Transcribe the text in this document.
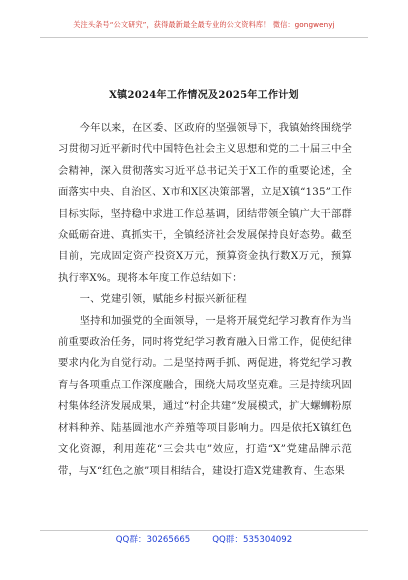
关注头条号“公文研究”，获得最新最全最专业的公文资料库！ 微信：gongwenyj
X镇2024年工作情况及2025年工作计划

今年以来，在区委、区政府的坚强领导下，我镇始终围绕学习贯彻习近平新时代中国特色社会主义思想和党的二十届三中全会精神，深入贯彻落实习近平总书记关于X工作的重要论述，全面落实中央、自治区、X市和X区决策部署，立足X镇“135”工作目标实际，坚持稳中求进工作总基调，团结带领全镇广大干部群众砥砺奋进、真抓实干，全镇经济社会发展保持良好态势。截至目前，完成固定资产投资X万元，预算资金执行数X万元，预算执行率X%。现将本年度工作总结如下：

一、党建引领，赋能乡村振兴新征程

坚持和加强党的全面领导，一是将开展党纪学习教育作为当前重要政治任务，同时将党纪学习教育融入日常工作，促使纪律要求内化为自觉行动。二是坚持两手抓、两促进，将党纪学习教育与各项重点工作深度融合，围绕大局攻坚克难。三是持续巩固村集体经济发展成果，通过“村企共建”发展模式，扩大螺蛳粉原材料种养、陆基圆池水产养殖等项目影响力。四是依托X镇红色文化资源，利用莲花“三会共屯”效应，打造“X”党建品牌示范带，与X“红色之旅”项目相结合，建设打造X党建教育、生态果

QQ群：30265665	QQ群：535304092
